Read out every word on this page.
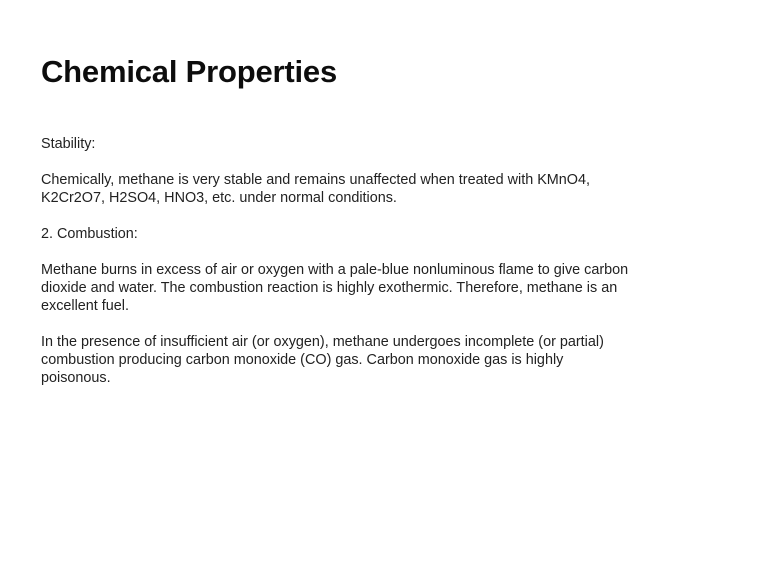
Chemical Properties

Stability:

Chemically, methane is very stable and remains unaffected when treated with KMnO4,
K2Cr2O7, H2SO4, HNO3, etc. under normal conditions.

2. Combustion:

Methane burns in excess of air or oxygen with a pale-blue nonluminous flame to give carbon
dioxide and water. The combustion reaction is highly exothermic. Therefore, methane is an
excellent fuel.

In the presence of insufficient air (or oxygen), methane undergoes incomplete (or partial)
combustion producing carbon monoxide (CO) gas. Carbon monoxide gas is highly
poisonous.
